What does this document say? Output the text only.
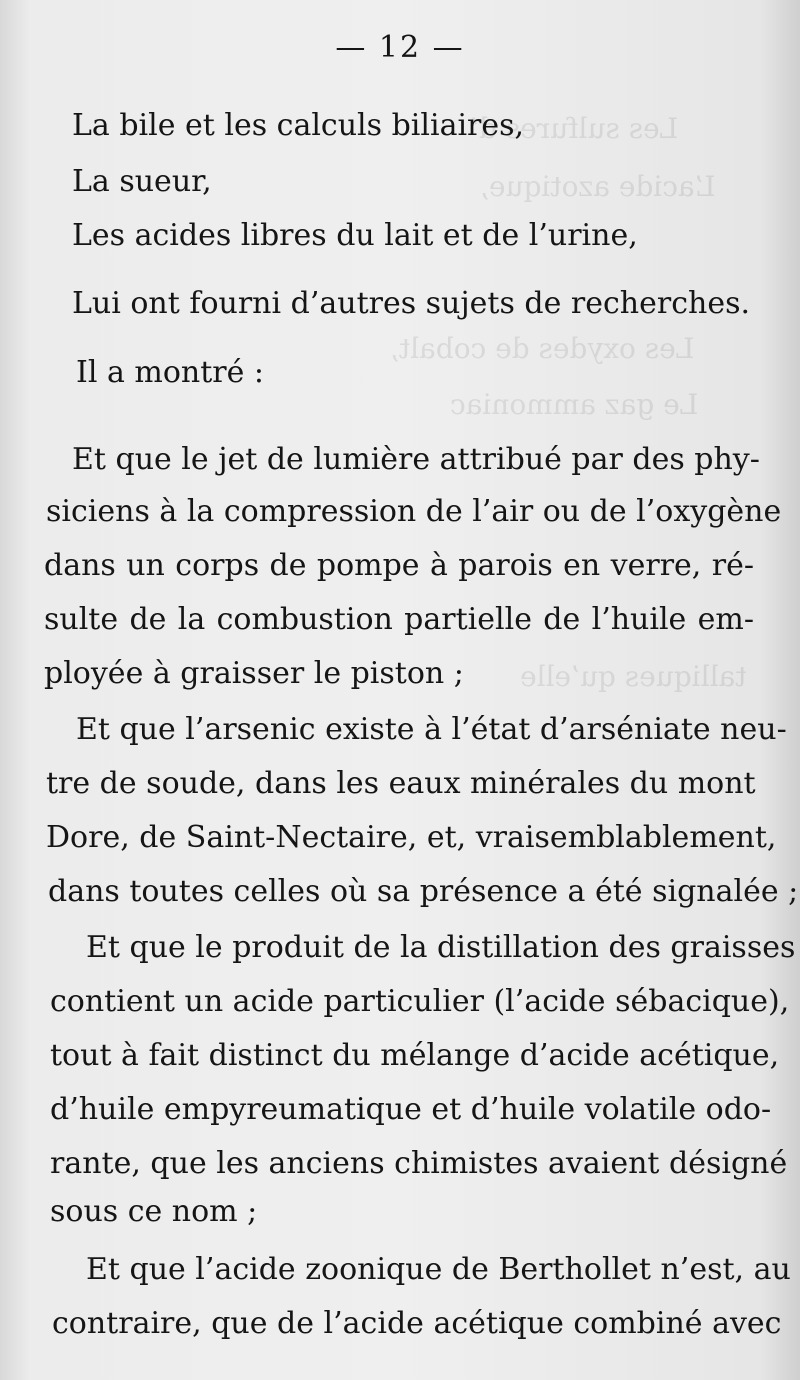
Les sulfures d’
L’acide azotique,
Les oxydes de cobalt,
Le gaz ammoniac
talliques qu’elle
— 12 —
La bile et les calculs biliaires,
La sueur,
Les acides libres du lait et de l’urine,
Lui ont fourni d’autres sujets de recherches.
Il a montré :
Et que le jet de lumière attribué par des phy-
siciens à la compression de l’air ou de l’oxygène
dans un corps de pompe à parois en verre, ré-
sulte de la combustion partielle de l’huile em-
ployée à graisser le piston ;
Et que l’arsenic existe à l’état d’arséniate neu-
tre de soude, dans les eaux minérales du mont
Dore, de Saint-Nectaire, et, vraisemblablement,
dans toutes celles où sa présence a été signalée ;
Et que le produit de la distillation des graisses
contient un acide particulier (l’acide sébacique),
tout à fait distinct du mélange d’acide acétique,
d’huile empyreumatique et d’huile volatile odo-
rante, que les anciens chimistes avaient désigné
sous ce nom ;
Et que l’acide zoonique de Berthollet n’est, au
contraire, que de l’acide acétique combiné avec
